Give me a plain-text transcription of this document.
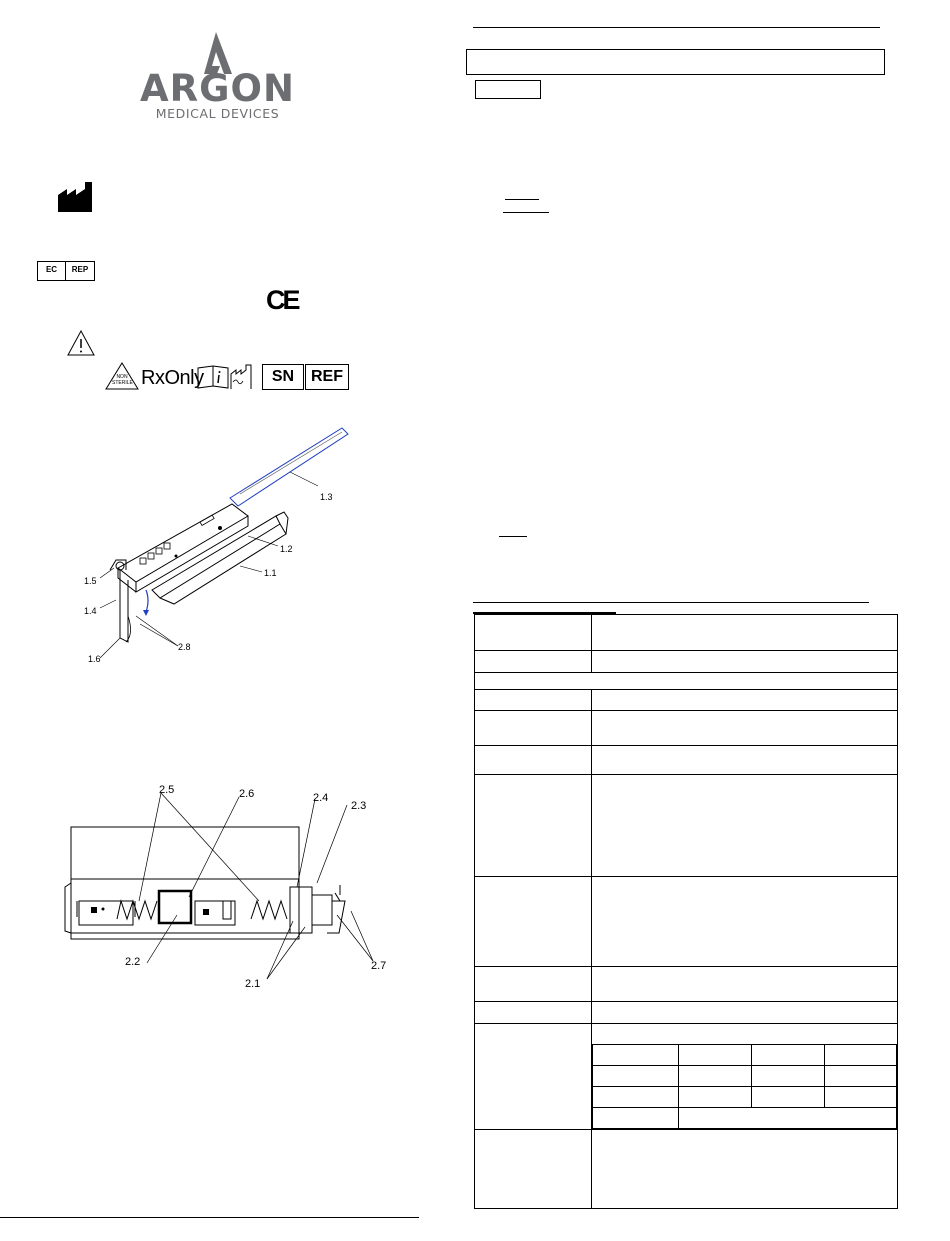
ARGON
MEDICAL DEVICES
EC	REP
CE
NON STERILE RxOnly	SN	REF
1.3
1.2
1.1
1.5
1.4
1.6
2.8
2.5	2.6	2.4
2.3
2.2
2.1
2.7
